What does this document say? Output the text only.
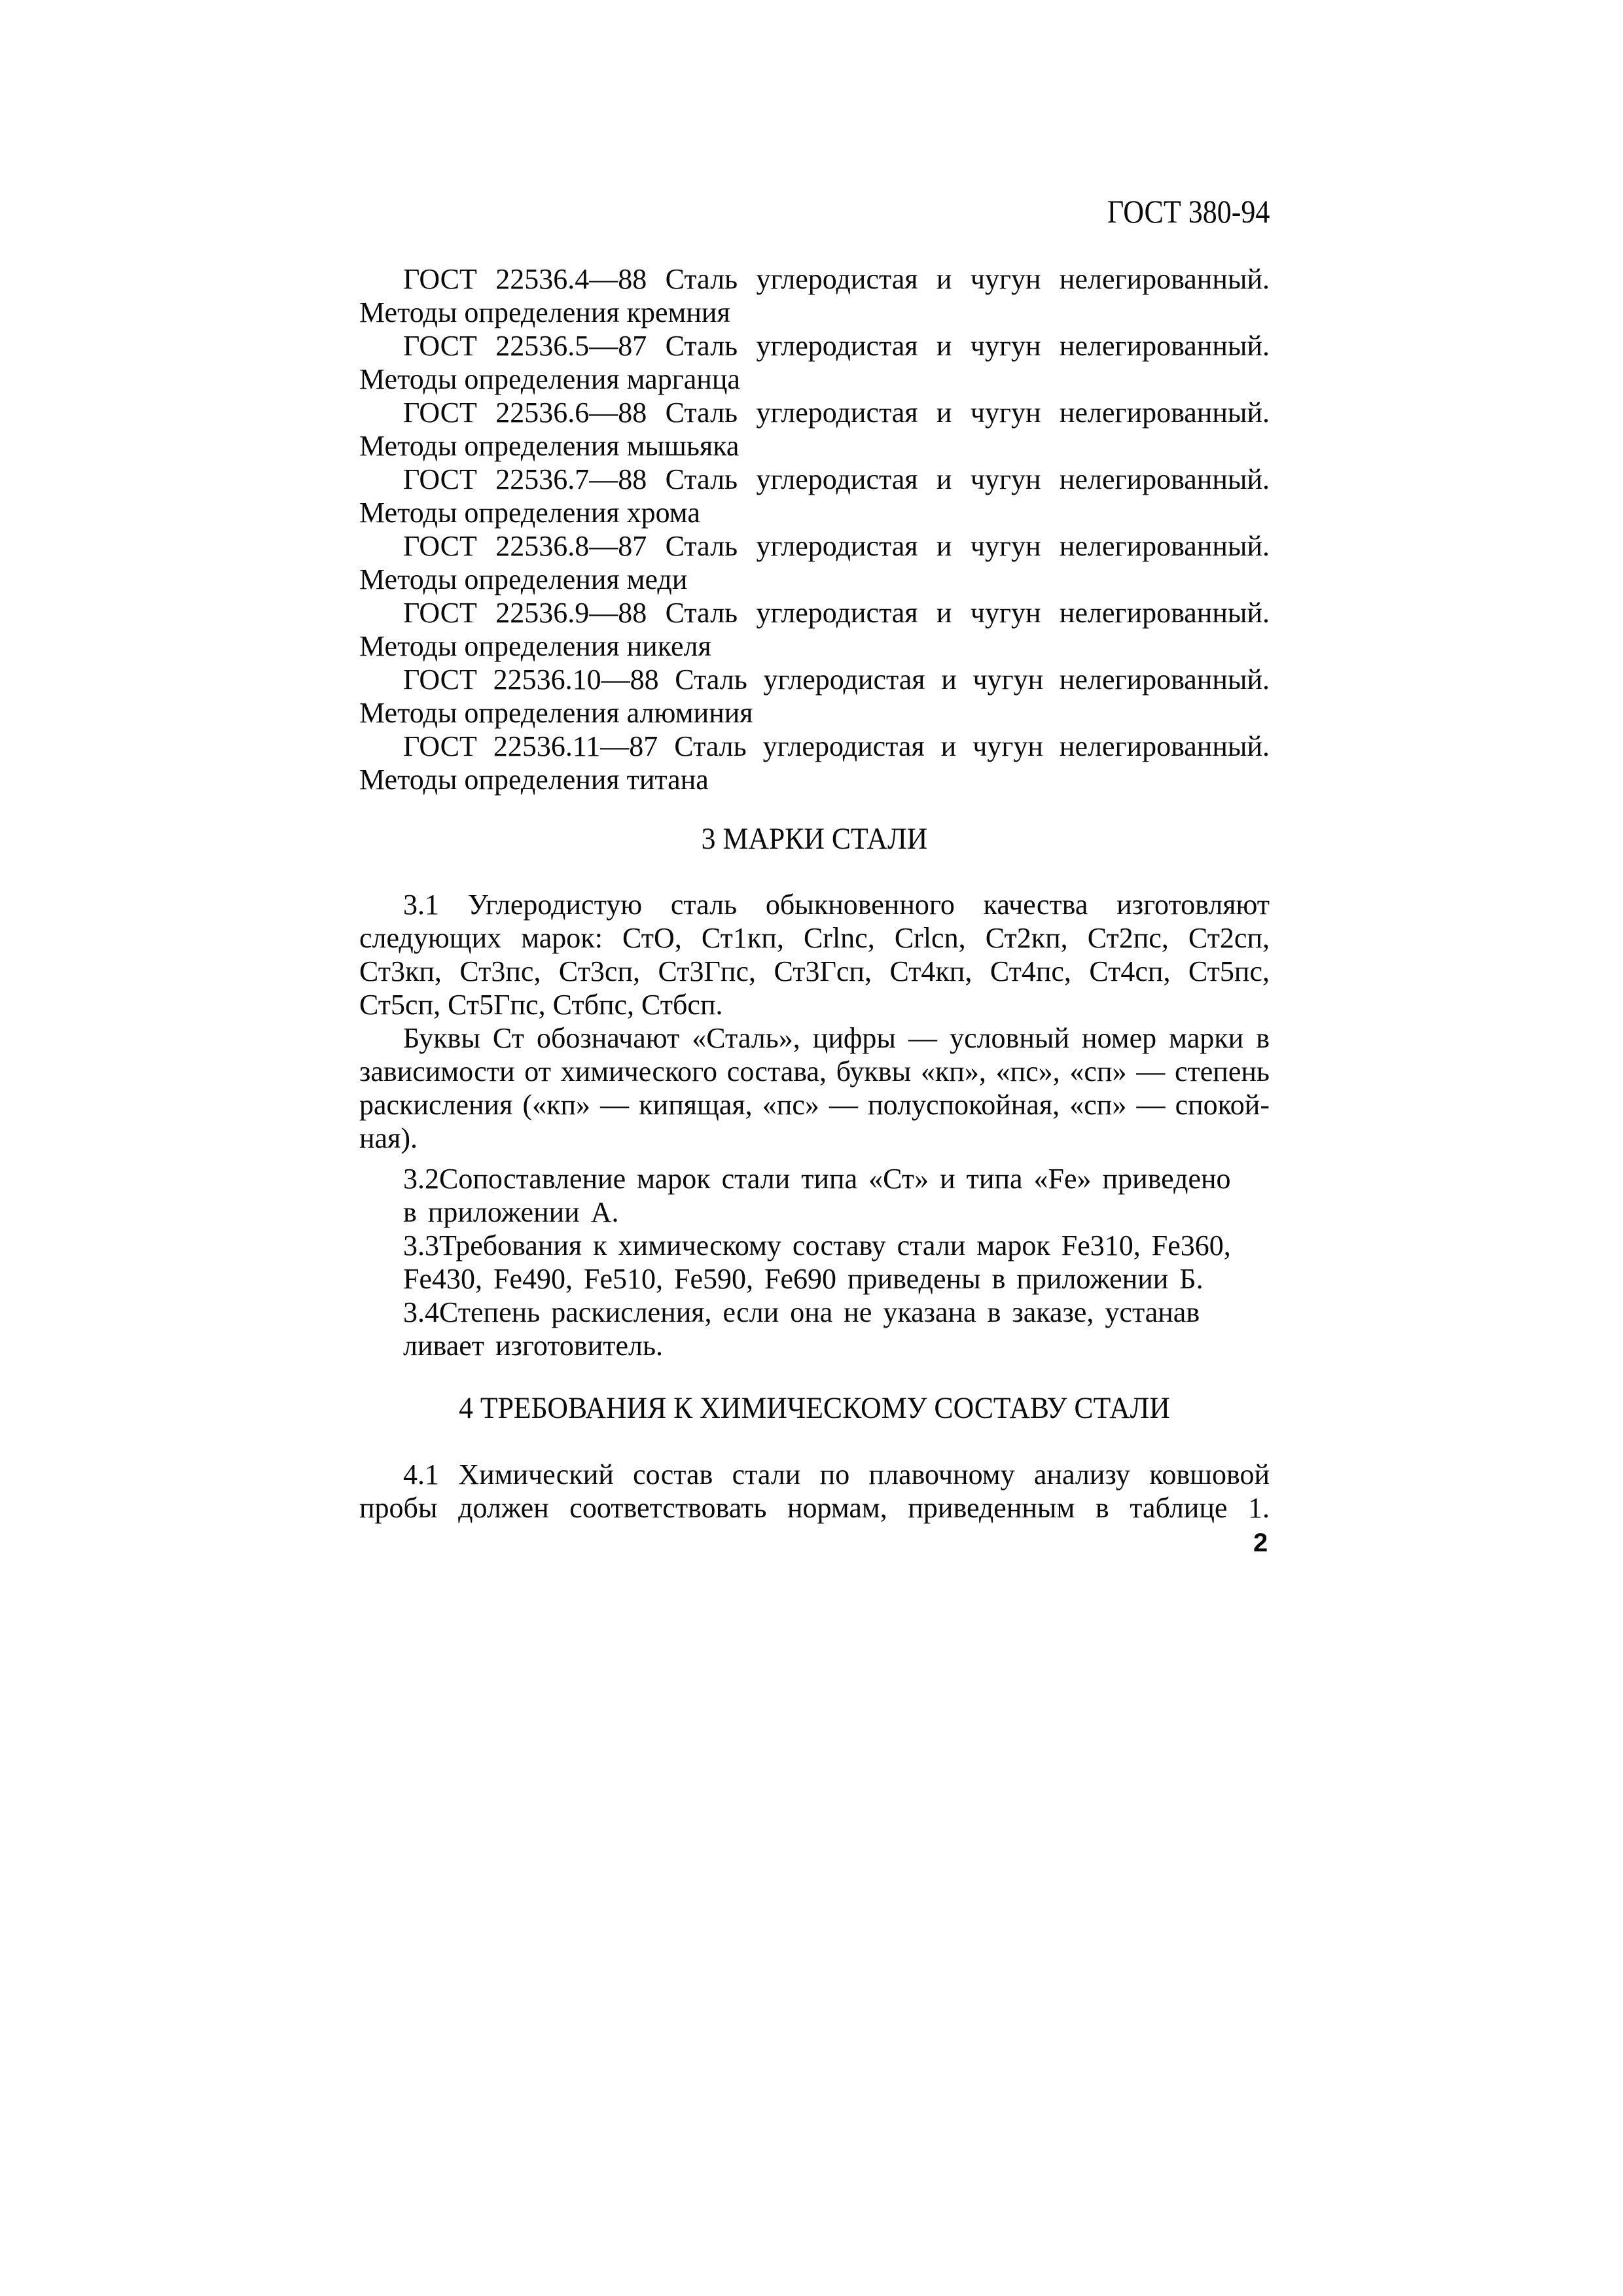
ГОСТ 380-94
ГОСТ 22536.4—88 Сталь углеродистая и чугун нелегированный.
Методы определения кремния
ГОСТ 22536.5—87 Сталь углеродистая и чугун нелегированный.
Методы определения марганца
ГОСТ 22536.6—88 Сталь углеродистая и чугун нелегированный.
Методы определения мышьяка
ГОСТ 22536.7—88 Сталь углеродистая и чугун нелегированный.
Методы определения хрома
ГОСТ 22536.8—87 Сталь углеродистая и чугун нелегированный.
Методы определения меди
ГОСТ 22536.9—88 Сталь углеродистая и чугун нелегированный.
Методы определения никеля
ГОСТ 22536.10—88 Сталь углеродистая и чугун нелегированный.
Методы определения алюминия
ГОСТ 22536.11—87 Сталь углеродистая и чугун нелегированный.
Методы определения титана
3 МАРКИ СТАЛИ
3.1 Углеродистую сталь обыкновенного качества изготовляют
следующих марок: СтО, Ст1кп, Crlnc, Crlcn, Ст2кп, Ст2пс, Ст2сп,
Ст3кп, Ст3пс, Ст3сп, Ст3Гпс, Ст3Гсп, Ст4кп, Ст4пс, Ст4сп, Ст5пс,
Ст5сп, Ст5Гпс, Стбпс, Стбсп.
Буквы Ст обозначают «Сталь», цифры — условный номер марки в
зависимости от химического состава, буквы «кп», «пс», «сп» — степень
раскисления («кп» — кипящая, «пс» — полуспокойная, «сп» — спокой-
ная).
3.2Сопоставление марок стали типа «Ст» и типа «Fe» приведено
в приложении А.
3.3Требования к химическому составу стали марок Fe310, Fe360,
Fe430, Fe490, Fe510, Fe590, Fe690 приведены в приложении Б.
3.4Степень раскисления, если она не указана в заказе, устанав
ливает изготовитель.
4 ТРЕБОВАНИЯ К ХИМИЧЕСКОМУ СОСТАВУ СТАЛИ
4.1 Химический состав стали по плавочному анализу ковшовой
пробы должен соответствовать нормам, приведенным в таблице 1.
2
